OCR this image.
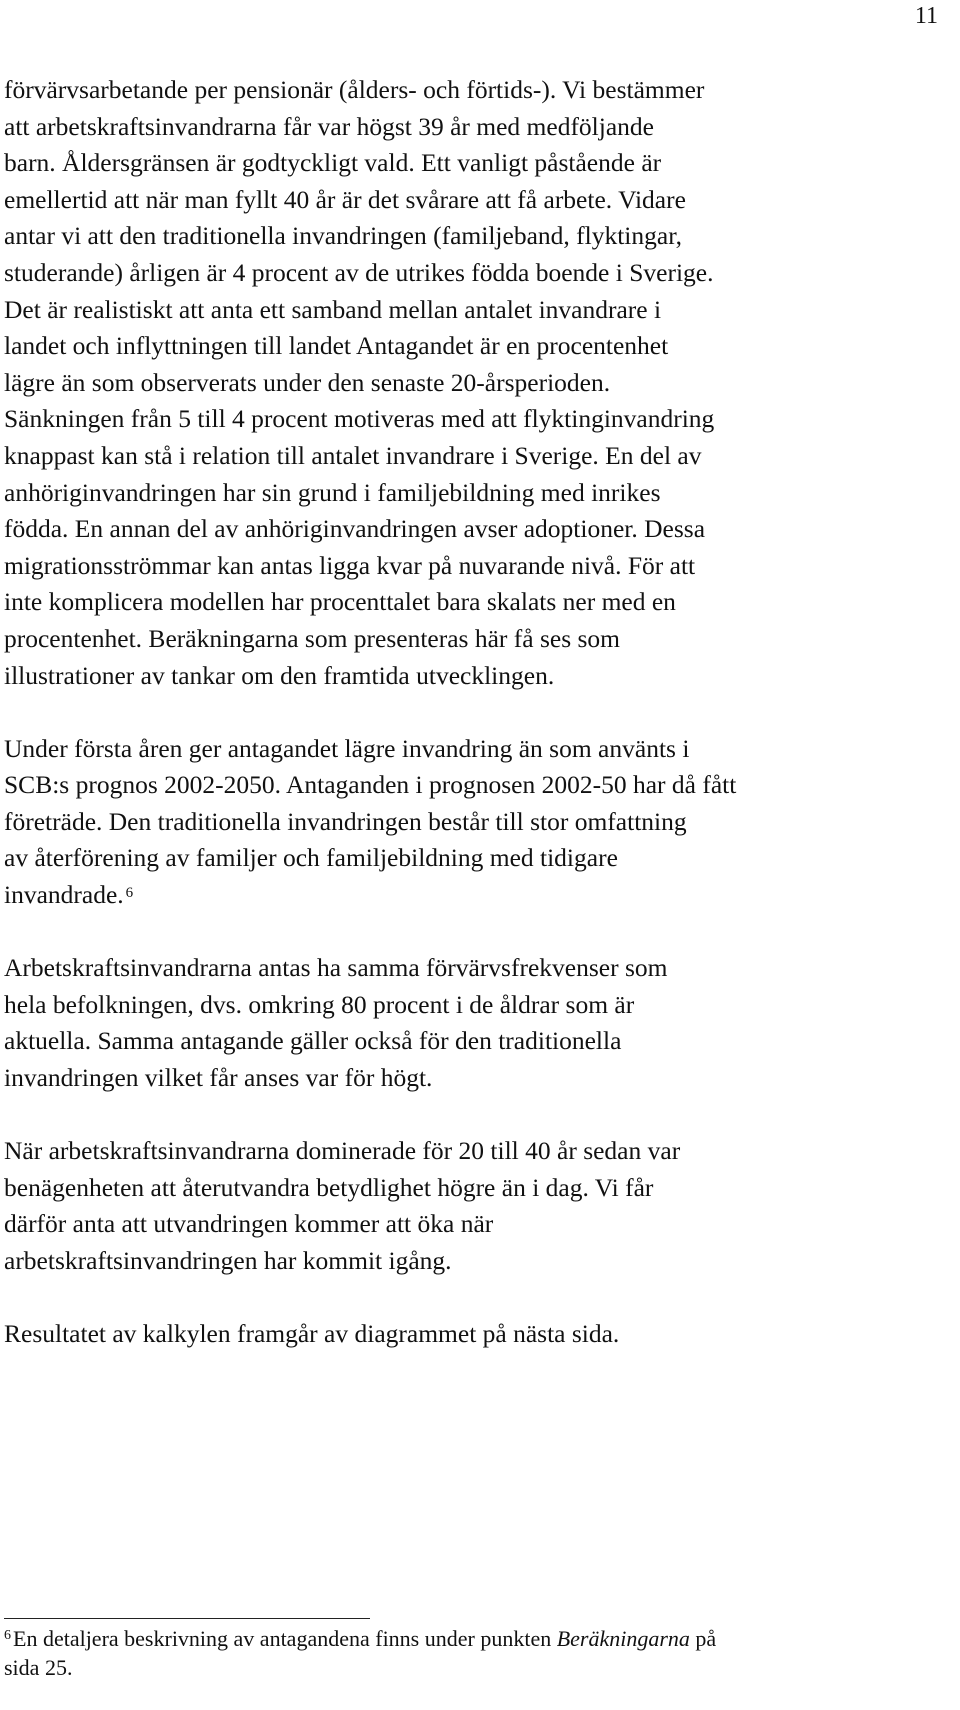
11

förvärvsarbetande per pensionär (ålders- och förtids-). Vi bestämmer
att arbetskraftsinvandrarna får var högst 39 år med medföljande
barn. Åldersgränsen är godtyckligt vald. Ett vanligt påstående är
emellertid att när man fyllt 40 år är det svårare att få arbete. Vidare
antar vi att den traditionella invandringen (familjeband, flyktingar,
studerande) årligen är 4 procent av de utrikes födda boende i Sverige.
Det är realistiskt att anta ett samband mellan antalet invandrare i
landet och inflyttningen till landet Antagandet är en procentenhet
lägre än som observerats under den senaste 20-årsperioden.
Sänkningen från 5 till 4 procent motiveras med att flyktinginvandring
knappast kan stå i relation till antalet invandrare i Sverige. En del av
anhöriginvandringen har sin grund i familjebildning med inrikes
födda. En annan del av anhöriginvandringen avser adoptioner. Dessa
migrationsströmmar kan antas ligga kvar på nuvarande nivå. För att
inte komplicera modellen har procenttalet bara skalats ner med en
procentenhet. Beräkningarna som presenteras här få ses som
illustrationer av tankar om den framtida utvecklingen.

Under första åren ger antagandet lägre invandring än som använts i
SCB:s prognos 2002-2050. Antaganden i prognosen 2002-50 har då fått
företräde. Den traditionella invandringen består till stor omfattning
av återförening av familjer och familjebildning med tidigare
invandrade. $^6$

Arbetskraftsinvandrarna antas ha samma förvärvsfrekvenser som
hela befolkningen, dvs. omkring 80 procent i de åldrar som är
aktuella. Samma antagande gäller också för den traditionella
invandringen vilket får anses var för högt.

När arbetskraftsinvandrarna dominerade för 20 till 40 år sedan var
benägenheten att återutvandra betydlighet högre än i dag. Vi får
därför anta att utvandringen kommer att öka när
arbetskraftsinvandringen har kommit igång.

Resultatet av kalkylen framgår av diagrammet på nästa sida.

$^6$En detaljera beskrivning av antagandena finns under punkten Beräkningarna på
sida 25.
